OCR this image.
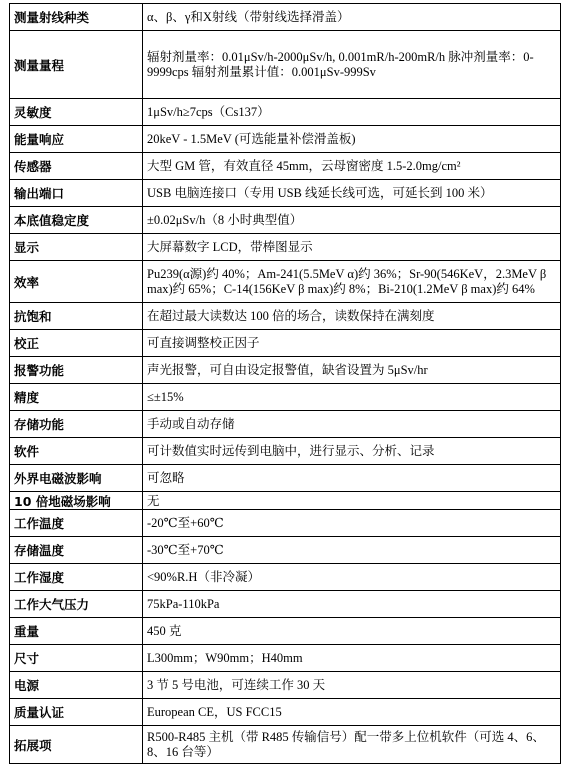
测量射线种类	α、β、γ和X射线（带射线选择滑盖）
测量量程	辐射剂量率：0.01μSv/h-2000μSv/h, 0.001mR/h-200mR/h 脉冲剂量率：0-9999cps 辐射剂量累计值：0.001μSv-999Sv
灵敏度	1μSv/h≥7cps（Cs137）
能量响应	20keV - 1.5MeV (可选能量补偿滑盖板)
传感器	大型 GM 管，有效直径 45mm，云母窗密度 1.5-2.0mg/cm²
输出端口	USB 电脑连接口（专用 USB 线延长线可选，可延长到 100 米）
本底值稳定度	±0.02μSv/h（8 小时典型值）
显示	大屏幕数字 LCD，带棒图显示
效率	Pu239(α源)约 40%；Am-241(5.5MeV α)约 36%；Sr-90(546KeV，2.3MeV β max)约 65%；C-14(156KeV β max)约 8%；Bi-210(1.2MeV β max)约 64%
抗饱和	在超过最大读数达 100 倍的场合，读数保持在满刻度
校正	可直接调整校正因子
报警功能	声光报警，可自由设定报警值，缺省设置为 5μSv/hr
精度	≤±15%
存储功能	手动或自动存储
软件	可计数值实时远传到电脑中，进行显示、分析、记录
外界电磁波影响	可忽略
10 倍地磁场影响	无
工作温度	-20℃至+60℃
存储温度	-30℃至+70℃
工作湿度	<90%R.H（非冷凝）
工作大气压力	75kPa-110kPa
重量	450 克
尺寸	L300mm；W90mm；H40mm
电源	3 节 5 号电池，可连续工作 30 天
质量认证	European CE，US FCC15
拓展项	R500-R485 主机（带 R485 传输信号）配一带多上位机软件（可选 4、6、8、16 台等）
